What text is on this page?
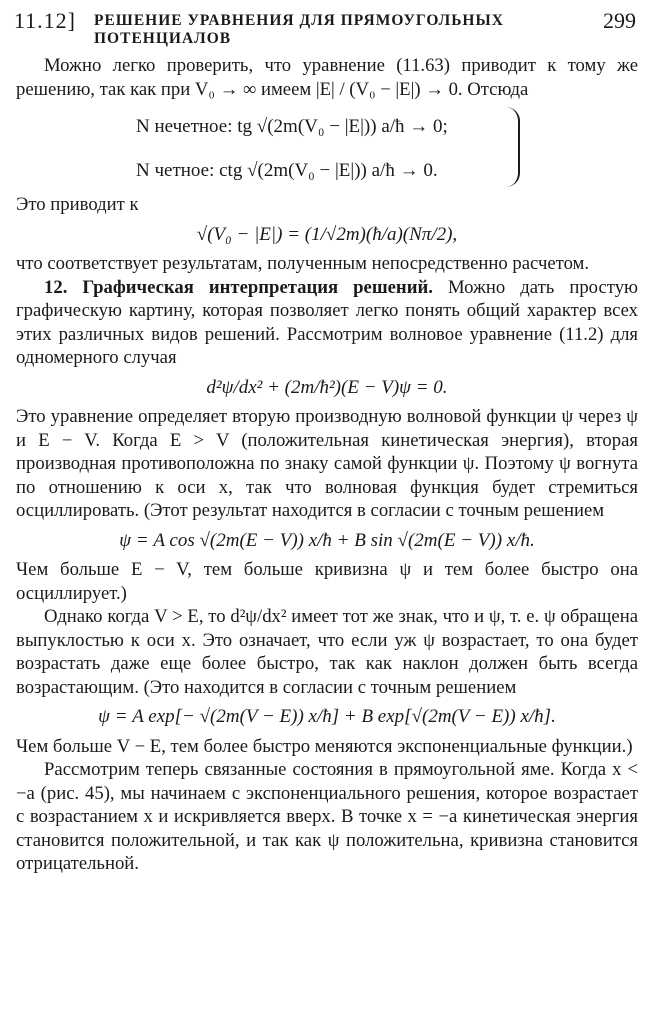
11.12] РЕШЕНИЕ УРАВНЕНИЯ ДЛЯ ПРЯМОУГОЛЬНЫХ ПОТЕНЦИАЛОВ
299

Можно легко проверить, что уравнение (11.63) приводит к тому же решению, так как при V₀ → ∞ имеем |E| / (V₀ − |E|) → 0. Отсюда

N нечетное: tg √(2m(V₀ − |E|)) a/ħ → 0;
N четное: ctg √(2m(V₀ − |E|)) a/ħ → 0.

Это приводит к

√(V₀ − |E|) = (1/√2m)(ħ/a)(Nπ/2),

что соответствует результатам, полученным непосредственно расчетом.

12. Графическая интерпретация решений. Можно дать простую графическую картину, которая позволяет легко понять общий характер всех этих различных видов решений. Рассмотрим волновое уравнение (11.2) для одномерного случая

d²ψ/dx² + (2m/ħ²)(E − V)ψ = 0.

Это уравнение определяет вторую производную волновой функции ψ через ψ и E − V. Когда E > V (положительная кинетическая энергия), вторая производная противоположна по знаку самой функции ψ. Поэтому ψ вогнута по отношению к оси x, так что волновая функция будет стремиться осциллировать. (Этот результат находится в согласии с точным решением

ψ = A cos √(2m(E − V)) x/ħ + B sin √(2m(E − V)) x/ħ.

Чем больше E − V, тем больше кривизна ψ и тем более быстро она осциллирует.)

Однако когда V > E, то d²ψ/dx² имеет тот же знак, что и ψ, т. е. ψ обращена выпуклостью к оси x. Это означает, что если уж ψ возрастает, то она будет возрастать даже еще более быстро, так как наклон должен быть всегда возрастающим. (Это находится в согласии с точным решением

ψ = A exp[− √(2m(V − E)) x/ħ] + B exp[√(2m(V − E)) x/ħ].

Чем больше V − E, тем более быстро меняются экспоненциальные функции.)

Рассмотрим теперь связанные состояния в прямоугольной яме. Когда x < −a (рис. 45), мы начинаем с экспоненциального решения, которое возрастает с возрастанием x и искривляется вверх. В точке x = −a кинетическая энергия становится положительной, и так как ψ положительна, кривизна становится отрицательной.
